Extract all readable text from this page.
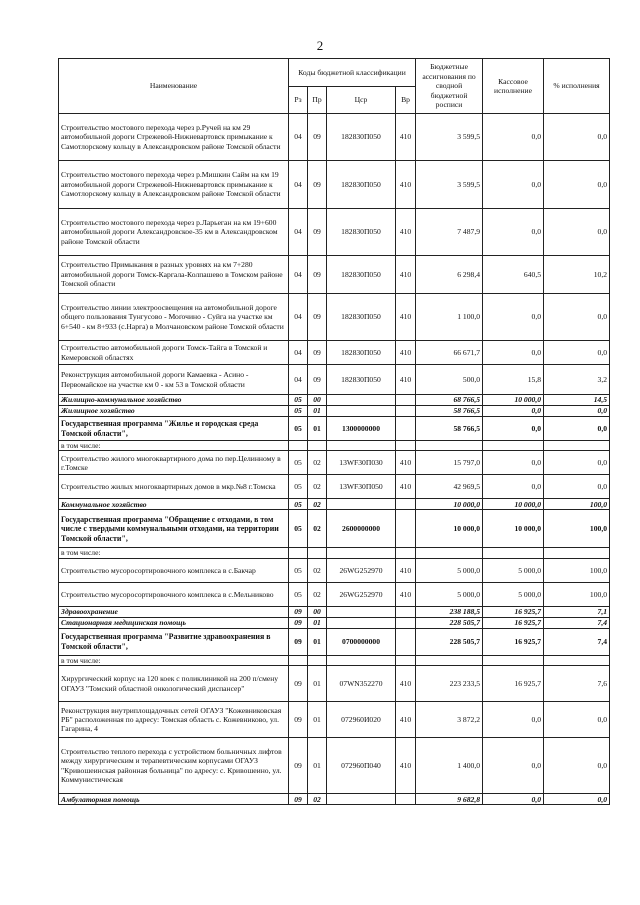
2
Наименование	Коды бюджетной классификации				Бюджетные ассигнования по сводной бюджетной росписи	Кассовое исполнение	% исполнения
	Рз	Пр	Цср	Вр			
Строительство мостового перехода через р.Ручей на км 29 автомобильной дороги Стрежевой-Нижневартовск примыкание к Самотлорскому кольцу в Александровском районе Томской области	04	09	182830П050	410	3 599,5	0,0	0,0
Строительство мостового перехода через р.Мишкин Сайм на км 19 автомобильной дороги Стрежевой-Нижневартовск примыкание к Самотлорскому кольцу в Александровском районе Томской области	04	09	182830П050	410	3 599,5	0,0	0,0
Строительство мостового перехода через р.Ларьеган на км 19+600 автомобильной дороги Александровское-35 км в Александровском районе Томской области	04	09	182830П050	410	7 487,9	0,0	0,0
Строительство Примыкания в разных уровнях на км 7+280 автомобильной дороги Томск-Каргала-Колпашево в Томском районе Томской области	04	09	182830П050	410	6 298,4	640,5	10,2
Строительство линии электроосвещения на автомобильной дороге общего пользования Тунгусово - Моґочино - Суйга на участке км 6+540 - км 8+933 (с.Нарга) в Молчановском районе Томской области	04	09	182830П050	410	1 100,0	0,0	0,0
Строительство автомобильной дороги Томск-Тайга в Томской и Кемеровской областях	04	09	182830П050	410	66 671,7	0,0	0,0
Реконструкция автомобильной дороги Камаевка - Асино - Первомайское на участке км 0 - км 53 в Томской области	04	09	182830П050	410	500,0	15,8	3,2
Жилищно-коммунальное хозяйство	05	00			68 766,5	10 000,0	14,5
Жилищное хозяйство	05	01			58 766,5	0,0	0,0
Государственная программа "Жилье и городская среда Томской области",	05	01	1300000000		58 766,5	0,0	0,0
в том числе:							
Строительство жилого многоквартирного дома по пер.Целинному в г.Томске	05	02	13WF30П030	410	15 797,0	0,0	0,0
Строительство жилых многоквартирных домов в мкр.№8 г.Томска	05	02	13WF30П050	410	42 969,5	0,0	0,0
Коммунальное хозяйство	05	02			10 000,0	10 000,0	100,0
Государственная программа "Обращение с отходами, в том числе с твердыми коммунальными отходами, на территории Томской области",	05	02	2600000000		10 000,0	10 000,0	100,0
в том числе:							
Строительство мусоросортировочного комплекса в с.Бакчар	05	02	26WG252970	410	5 000,0	5 000,0	100,0
Строительство мусоросортировочного комплекса в с.Мельниково	05	02	26WG252970	410	5 000,0	5 000,0	100,0
Здравоохранение	09	00			238 188,5	16 925,7	7,1
Стационарная медицинская помощь	09	01			228 505,7	16 925,7	7,4
Государственная программа "Развитие здравоохранения в Томской области",	09	01	0700000000		228 505,7	16 925,7	7,4
в том числе:							
Хирургический корпус на 120 коек с поликлиникой на 200 п/смену ОГАУЗ "Томский областной онкологический диспансер"	09	01	07WN352270	410	223 233,5	16 925,7	7,6
Реконструкция внутриплощадочных сетей ОГАУЗ "Кожевниковская РБ" расположенная по адресу: Томская область с. Кожевниково, ул. Гагарина, 4	09	01	072960И020	410	3 872,2	0,0	0,0
Строительство теплого перехода с устройством больничных лифтов между хирургическим и терапевтическим корпусами ОГАУЗ "Кривошеинская районная больница" по адресу: с. Кривошеино, ул. Коммунистическая	09	01	072960П040	410	1 400,0	0,0	0,0
Амбулаторная помощь	09	02			9 682,8	0,0	0,0
